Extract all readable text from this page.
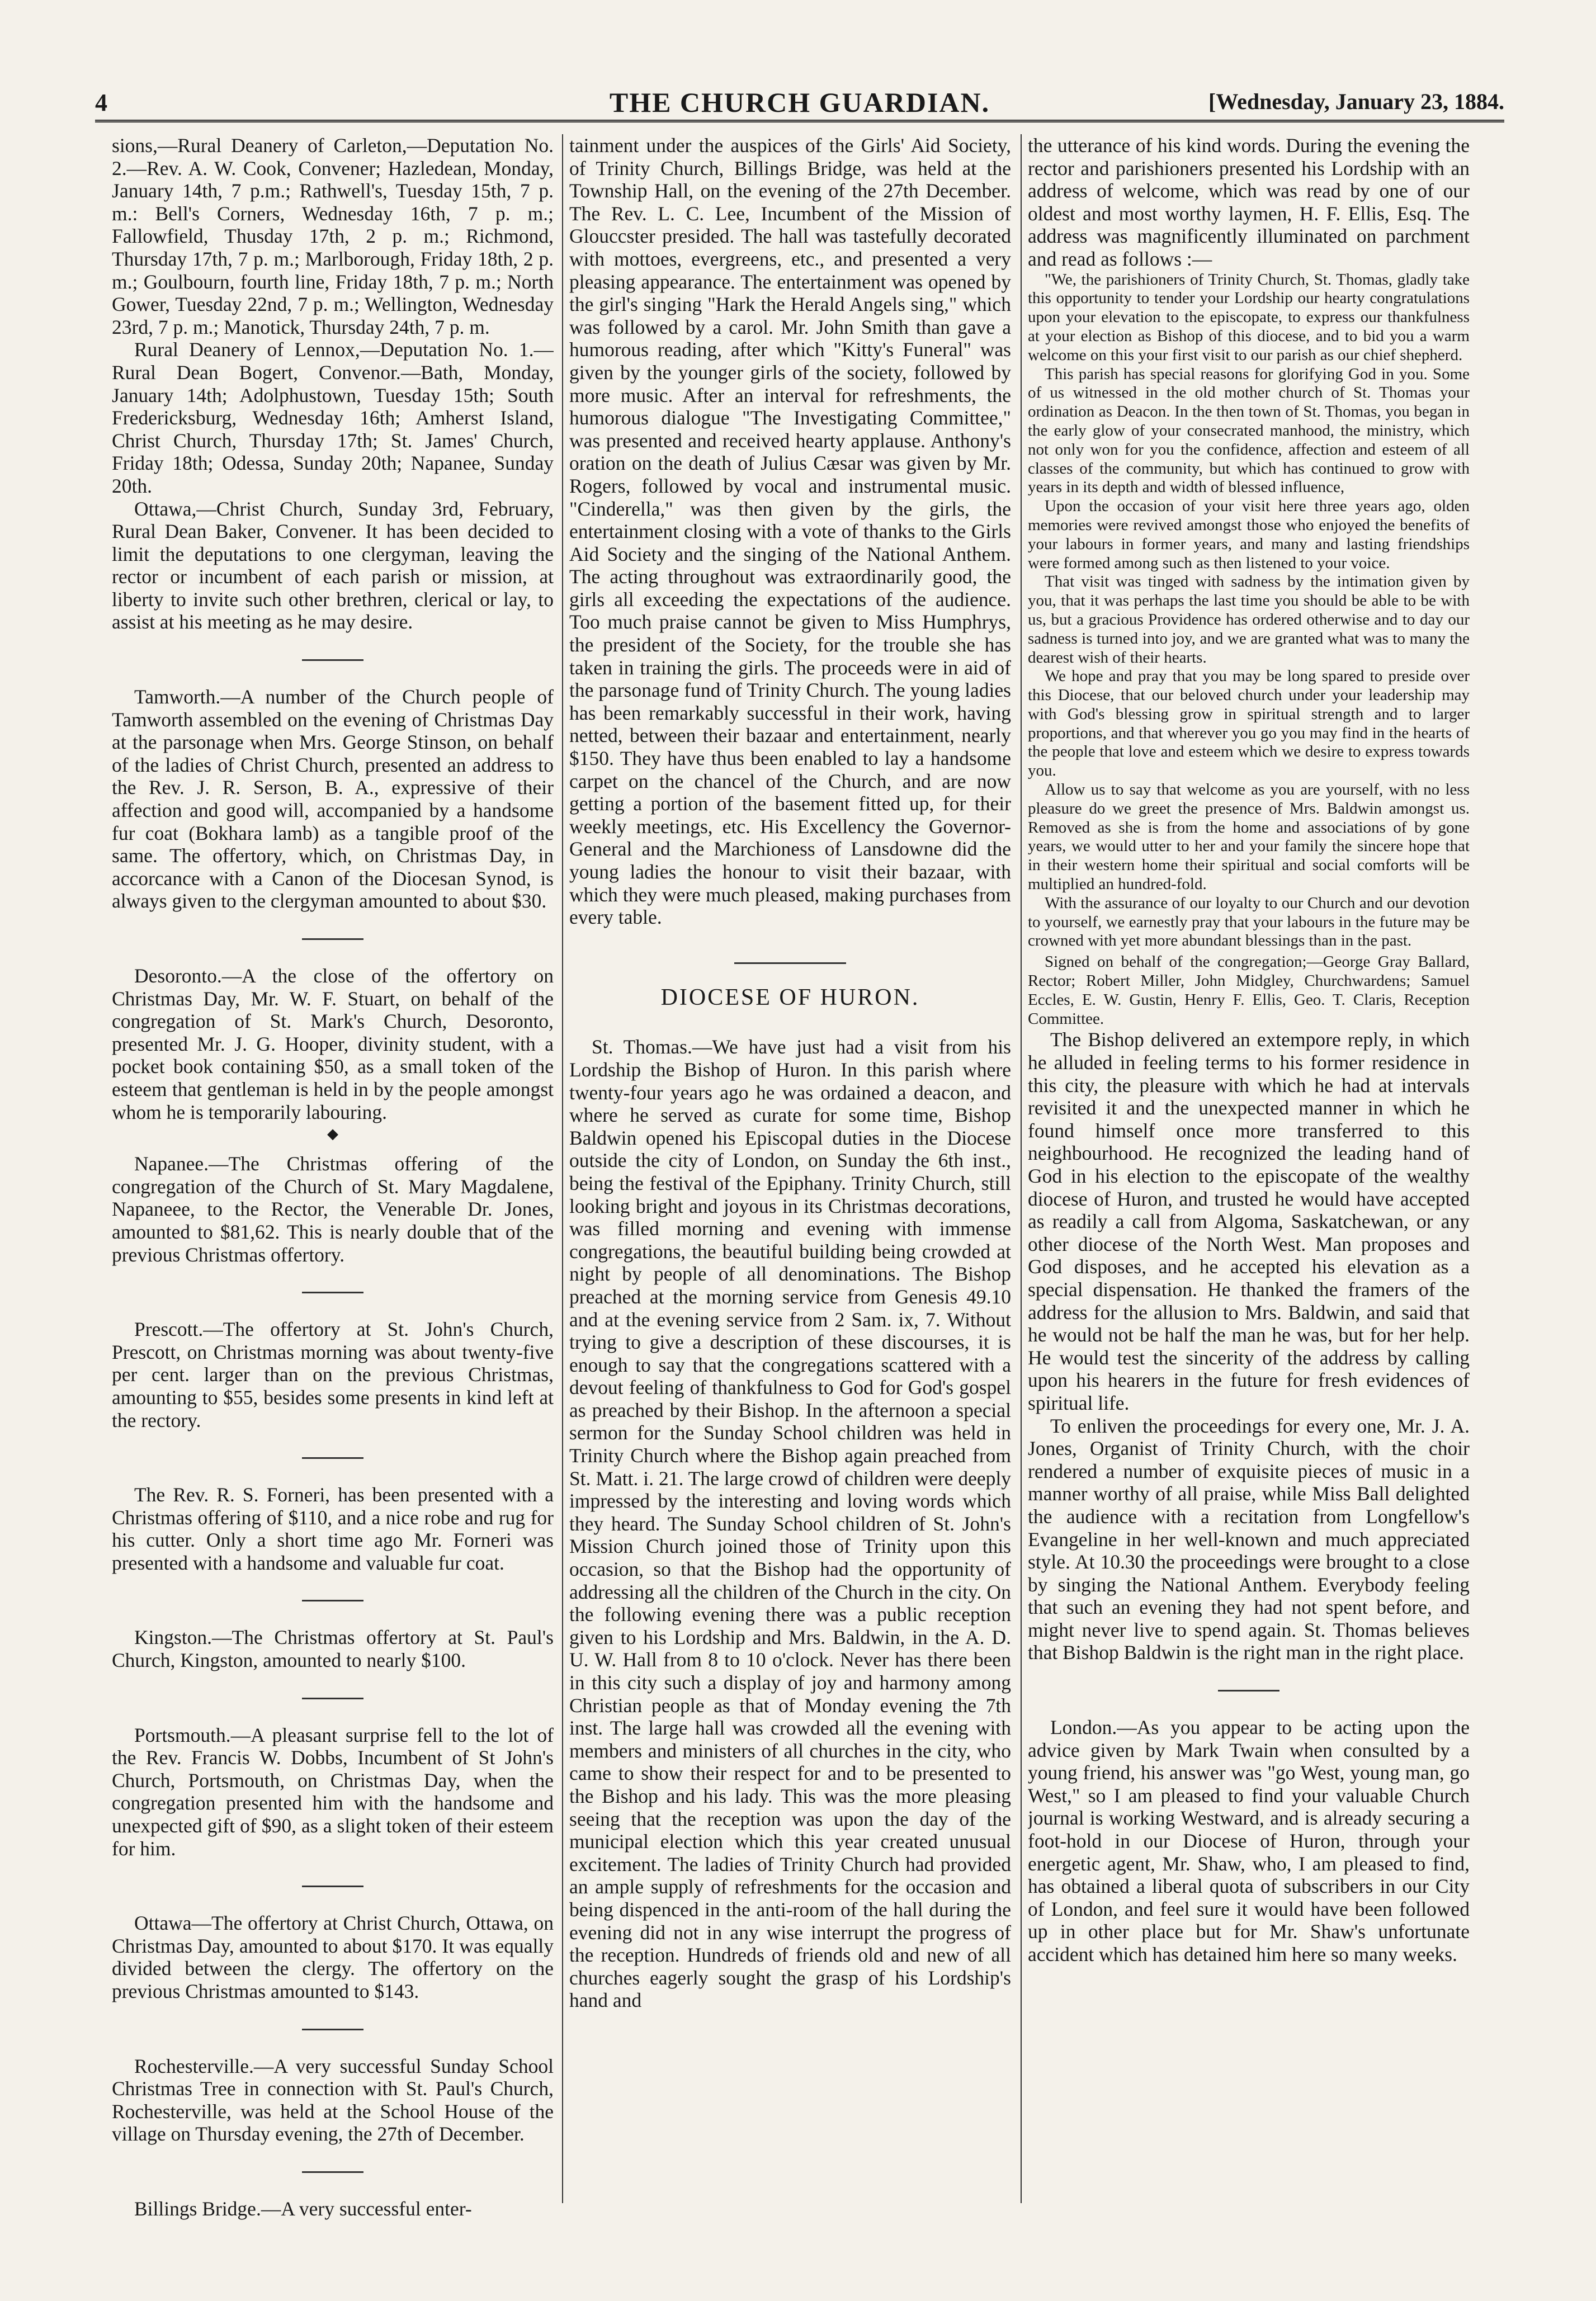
4	THE CHURCH GUARDIAN.	[Wednesday, January 23, 1884.

sions,—Rural Deanery of Carleton,—Deputation No. 2.—Rev. A. W. Cook, Convener; Hazledean, Monday, January 14th, 7 p.m.; Rathwell's, Tuesday 15th, 7 p. m.: Bell's Corners, Wednesday 16th, 7 p. m.; Fallowfield, Thusday 17th, 2 p. m.; Richmond, Thursday 17th, 7 p. m.; Marlborough, Friday 18th, 2 p. m.; Goulbourn, fourth line, Friday 18th, 7 p. m.; North Gower, Tuesday 22nd, 7 p. m.; Wellington, Wednesday 23rd, 7 p. m.; Manotick, Thursday 24th, 7 p. m.

Rural Deanery of Lennox,—Deputation No. 1.—Rural Dean Bogert, Convenor.—Bath, Monday, January 14th; Adolphustown, Tuesday 15th; South Fredericksburg, Wednesday 16th; Amherst Island, Christ Church, Thursday 17th; St. James' Church, Friday 18th; Odessa, Sunday 20th; Napanee, Sunday 20th.

Ottawa,—Christ Church, Sunday 3rd, February, Rural Dean Baker, Convener. It has been decided to limit the deputations to one clergyman, leaving the rector or incumbent of each parish or mission, at liberty to invite such other brethren, clerical or lay, to assist at his meeting as he may desire.

Tamworth.—A number of the Church people of Tamworth assembled on the evening of Christmas Day at the parsonage when Mrs. George Stinson, on behalf of the ladies of Christ Church, presented an address to the Rev. J. R. Serson, B. A., expressive of their affection and good will, accompanied by a handsome fur coat (Bokhara lamb) as a tangible proof of the same. The offertory, which, on Christmas Day, in accorcance with a Canon of the Diocesan Synod, is always given to the clergyman amounted to about $30.

Desoronto.—A the close of the offertory on Christmas Day, Mr. W. F. Stuart, on behalf of the congregation of St. Mark's Church, Desoronto, presented Mr. J. G. Hooper, divinity student, with a pocket book containing $50, as a small token of the esteem that gentleman is held in by the people amongst whom he is temporarily labouring.

◆

Napanee.—The Christmas offering of the congregation of the Church of St. Mary Magdalene, Napaneee, to the Rector, the Venerable Dr. Jones, amounted to $81,62. This is nearly double that of the previous Christmas offertory.

Prescott.—The offertory at St. John's Church, Prescott, on Christmas morning was about twenty-five per cent. larger than on the previous Christmas, amounting to $55, besides some presents in kind left at the rectory.

The Rev. R. S. Forneri, has been presented with a Christmas offering of $110, and a nice robe and rug for his cutter. Only a short time ago Mr. Forneri was presented with a handsome and valuable fur coat.

Kingston.—The Christmas offertory at St. Paul's Church, Kingston, amounted to nearly $100.

Portsmouth.—A pleasant surprise fell to the lot of the Rev. Francis W. Dobbs, Incumbent of St John's Church, Portsmouth, on Christmas Day, when the congregation presented him with the handsome and unexpected gift of $90, as a slight token of their esteem for him.

Ottawa—The offertory at Christ Church, Ottawa, on Christmas Day, amounted to about $170. It was equally divided between the clergy. The offertory on the previous Christmas amounted to $143.

Rochesterville.—A very successful Sunday School Christmas Tree in connection with St. Paul's Church, Rochesterville, was held at the School House of the village on Thursday evening, the 27th of December.

Billings Bridge.—A very successful enter-

tainment under the auspices of the Girls' Aid Society, of Trinity Church, Billings Bridge, was held at the Township Hall, on the evening of the 27th December. The Rev. L. C. Lee, Incumbent of the Mission of Glouccster presided. The hall was tastefully decorated with mottoes, evergreens, etc., and presented a very pleasing appearance. The entertainment was opened by the girl's singing "Hark the Herald Angels sing," which was followed by a carol. Mr. John Smith than gave a humorous reading, after which "Kitty's Funeral" was given by the younger girls of the society, followed by more music. After an interval for refreshments, the humorous dialogue "The Investigating Committee," was presented and received hearty applause. Anthony's oration on the death of Julius Cæsar was given by Mr. Rogers, followed by vocal and instrumental music. "Cinderella," was then given by the girls, the entertainment closing with a vote of thanks to the Girls Aid Society and the singing of the National Anthem. The acting throughout was extraordinarily good, the girls all exceeding the expectations of the audience. Too much praise cannot be given to Miss Humphrys, the president of the Society, for the trouble she has taken in training the girls. The proceeds were in aid of the parsonage fund of Trinity Church. The young ladies has been remarkably successful in their work, having netted, between their bazaar and entertainment, nearly $150. They have thus been enabled to lay a handsome carpet on the chancel of the Church, and are now getting a portion of the basement fitted up, for their weekly meetings, etc. His Excellency the Governor-General and the Marchioness of Lansdowne did the young ladies the honour to visit their bazaar, with which they were much pleased, making purchases from every table.

DIOCESE OF HURON.

St. Thomas.—We have just had a visit from his Lordship the Bishop of Huron. In this parish where twenty-four years ago he was ordained a deacon, and where he served as curate for some time, Bishop Baldwin opened his Episcopal duties in the Diocese outside the city of London, on Sunday the 6th inst., being the festival of the Epiphany. Trinity Church, still looking bright and joyous in its Christmas decorations, was filled morning and evening with immense congregations, the beautiful building being crowded at night by people of all denominations. The Bishop preached at the morning service from Genesis 49.10 and at the evening service from 2 Sam. ix, 7. Without trying to give a description of these discourses, it is enough to say that the congregations scattered with a devout feeling of thankfulness to God for God's gospel as preached by their Bishop. In the afternoon a special sermon for the Sunday School children was held in Trinity Church where the Bishop again preached from St. Matt. i. 21. The large crowd of children were deeply impressed by the interesting and loving words which they heard. The Sunday School children of St. John's Mission Church joined those of Trinity upon this occasion, so that the Bishop had the opportunity of addressing all the children of the Church in the city. On the following evening there was a public reception given to his Lordship and Mrs. Baldwin, in the A. D. U. W. Hall from 8 to 10 o'clock. Never has there been in this city such a display of joy and harmony among Christian people as that of Monday evening the 7th inst. The large hall was crowded all the evening with members and ministers of all churches in the city, who came to show their respect for and to be presented to the Bishop and his lady. This was the more pleasing seeing that the reception was upon the day of the municipal election which this year created unusual excitement. The ladies of Trinity Church had provided an ample supply of refreshments for the occasion and being dispenced in the anti-room of the hall during the evening did not in any wise interrupt the progress of the reception. Hundreds of friends old and new of all churches eagerly sought the grasp of his Lordship's hand and

the utterance of his kind words. During the evening the rector and parishioners presented his Lordship with an address of welcome, which was read by one of our oldest and most worthy laymen, H. F. Ellis, Esq. The address was magnificently illuminated on parchment and read as follows :—

"We, the parishioners of Trinity Church, St. Thomas, gladly take this opportunity to tender your Lordship our hearty congratulations upon your elevation to the episcopate, to express our thankfulness at your election as Bishop of this diocese, and to bid you a warm welcome on this your first visit to our parish as our chief shepherd.

This parish has special reasons for glorifying God in you. Some of us witnessed in the old mother church of St. Thomas your ordination as Deacon. In the then town of St. Thomas, you began in the early glow of your consecrated manhood, the ministry, which not only won for you the confidence, affection and esteem of all classes of the community, but which has continued to grow with years in its depth and width of blessed influence,

Upon the occasion of your visit here three years ago, olden memories were revived amongst those who enjoyed the benefits of your labours in former years, and many and lasting friendships were formed among such as then listened to your voice.

That visit was tinged with sadness by the intimation given by you, that it was perhaps the last time you should be able to be with us, but a gracious Providence has ordered otherwise and to day our sadness is turned into joy, and we are granted what was to many the dearest wish of their hearts.

We hope and pray that you may be long spared to preside over this Diocese, that our beloved church under your leadership may with God's blessing grow in spiritual strength and to larger proportions, and that wherever you go you may find in the hearts of the people that love and esteem which we desire to express towards you.

Allow us to say that welcome as you are yourself, with no less pleasure do we greet the presence of Mrs. Baldwin amongst us. Removed as she is from the home and associations of by gone years, we would utter to her and your family the sincere hope that in their western home their spiritual and social comforts will be multiplied an hundred-fold.

With the assurance of our loyalty to our Church and our devotion to yourself, we earnestly pray that your labours in the future may be crowned with yet more abundant blessings than in the past.

Signed on behalf of the congregation;—George Gray Ballard, Rector; Robert Miller, John Midgley, Churchwardens; Samuel Eccles, E. W. Gustin, Henry F. Ellis, Geo. T. Claris, Reception Committee.

The Bishop delivered an extempore reply, in which he alluded in feeling terms to his former residence in this city, the pleasure with which he had at intervals revisited it and the unexpected manner in which he found himself once more transferred to this neighbourhood. He recognized the leading hand of God in his election to the episcopate of the wealthy diocese of Huron, and trusted he would have accepted as readily a call from Algoma, Saskatchewan, or any other diocese of the North West. Man proposes and God disposes, and he accepted his elevation as a special dispensation. He thanked the framers of the address for the allusion to Mrs. Baldwin, and said that he would not be half the man he was, but for her help. He would test the sincerity of the address by calling upon his hearers in the future for fresh evidences of spiritual life.

To enliven the proceedings for every one, Mr. J. A. Jones, Organist of Trinity Church, with the choir rendered a number of exquisite pieces of music in a manner worthy of all praise, while Miss Ball delighted the audience with a recitation from Longfellow's Evangeline in her well-known and much appreciated style. At 10.30 the proceedings were brought to a close by singing the National Anthem. Everybody feeling that such an evening they had not spent before, and might never live to spend again. St. Thomas believes that Bishop Baldwin is the right man in the right place.

London.—As you appear to be acting upon the advice given by Mark Twain when consulted by a young friend, his answer was "go West, young man, go West," so I am pleased to find your valuable Church journal is working Westward, and is already securing a foot-hold in our Diocese of Huron, through your energetic agent, Mr. Shaw, who, I am pleased to find, has obtained a liberal quota of subscribers in our City of London, and feel sure it would have been followed up in other place but for Mr. Shaw's unfortunate accident which has detained him here so many weeks.
